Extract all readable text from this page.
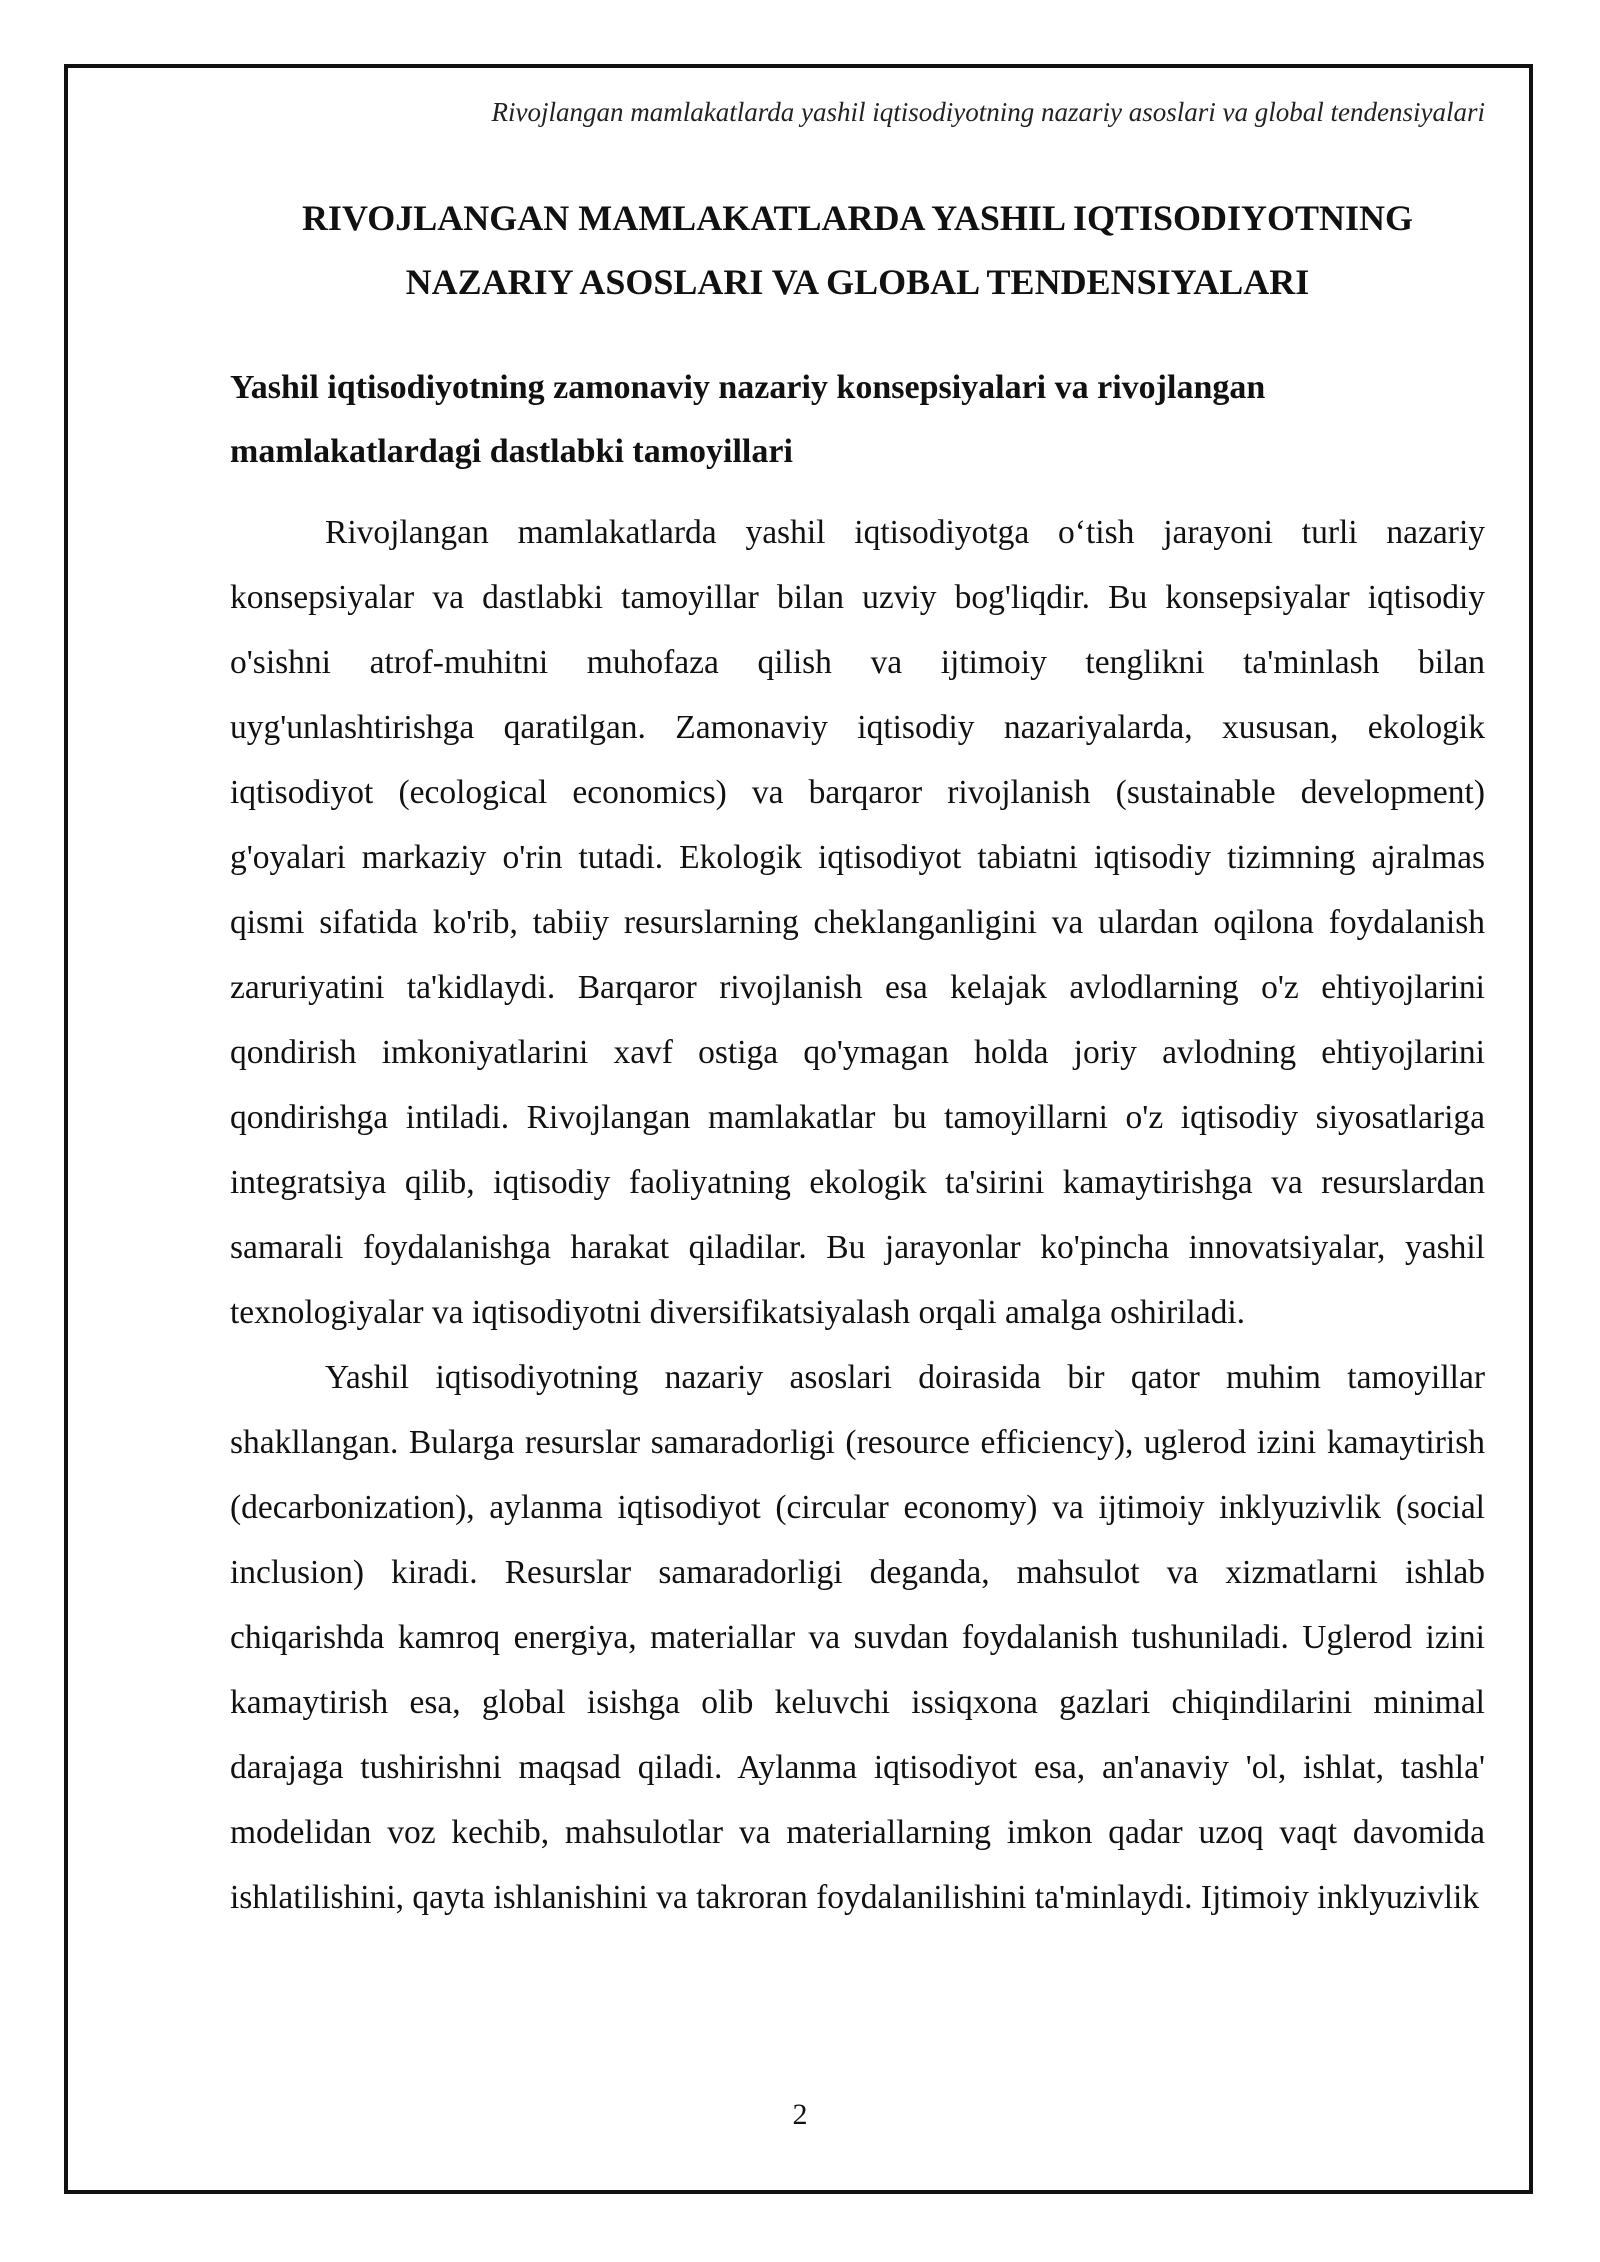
Rivojlangan mamlakatlarda yashil iqtisodiyotning nazariy asoslari va global tendensiyalari
RIVOJLANGAN MAMLAKATLARDA YASHIL IQTISODIYOTNING
NAZARIY ASOSLARI VA GLOBAL TENDENSIYALARI
Yashil iqtisodiyotning zamonaviy nazariy konsepsiyalari va rivojlangan
mamlakatlardagi dastlabki tamoyillari

Rivojlangan mamlakatlarda yashil iqtisodiyotga o‘tish jarayoni turli nazariy konsepsiyalar va dastlabki tamoyillar bilan uzviy bog'liqdir. Bu konsepsiyalar iqtisodiy o'sishni atrof-muhitni muhofaza qilish va ijtimoiy tenglikni ta'minlash bilan uyg'unlashtirishga qaratilgan. Zamonaviy iqtisodiy nazariyalarda, xususan, ekologik iqtisodiyot (ecological economics) va barqaror rivojlanish (sustainable development) g'oyalari markaziy o'rin tutadi. Ekologik iqtisodiyot tabiatni iqtisodiy tizimning ajralmas qismi sifatida ko'rib, tabiiy resurslarning cheklanganligini va ulardan oqilona foydalanish zaruriyatini ta'kidlaydi. Barqaror rivojlanish esa kelajak avlodlarning o'z ehtiyojlarini qondirish imkoniyatlarini xavf ostiga qo'ymagan holda joriy avlodning ehtiyojlarini qondirishga intiladi. Rivojlangan mamlakatlar bu tamoyillarni o'z iqtisodiy siyosatlariga integratsiya qilib, iqtisodiy faoliyatning ekologik ta'sirini kamaytirishga va resurslardan samarali foydalanishga harakat qiladilar. Bu jarayonlar ko'pincha innovatsiyalar, yashil texnologiyalar va iqtisodiyotni diversifikatsiyalash orqali amalga oshiriladi.

Yashil iqtisodiyotning nazariy asoslari doirasida bir qator muhim tamoyillar shakllangan. Bularga resurslar samaradorligi (resource efficiency), uglerod izini kamaytirish (decarbonization), aylanma iqtisodiyot (circular economy) va ijtimoiy inklyuzivlik (social inclusion) kiradi. Resurslar samaradorligi deganda, mahsulot va xizmatlarni ishlab chiqarishda kamroq energiya, materiallar va suvdan foydalanish tushuniladi. Uglerod izini kamaytirish esa, global isishga olib keluvchi issiqxona gazlari chiqindilarini minimal darajaga tushirishni maqsad qiladi. Aylanma iqtisodiyot esa, an'anaviy 'ol, ishlat, tashla' modelidan voz kechib, mahsulotlar va materiallarning imkon qadar uzoq vaqt davomida ishlatilishini, qayta ishlanishini va takroran foydalanilishini ta'minlaydi. Ijtimoiy inklyuzivlik

2
